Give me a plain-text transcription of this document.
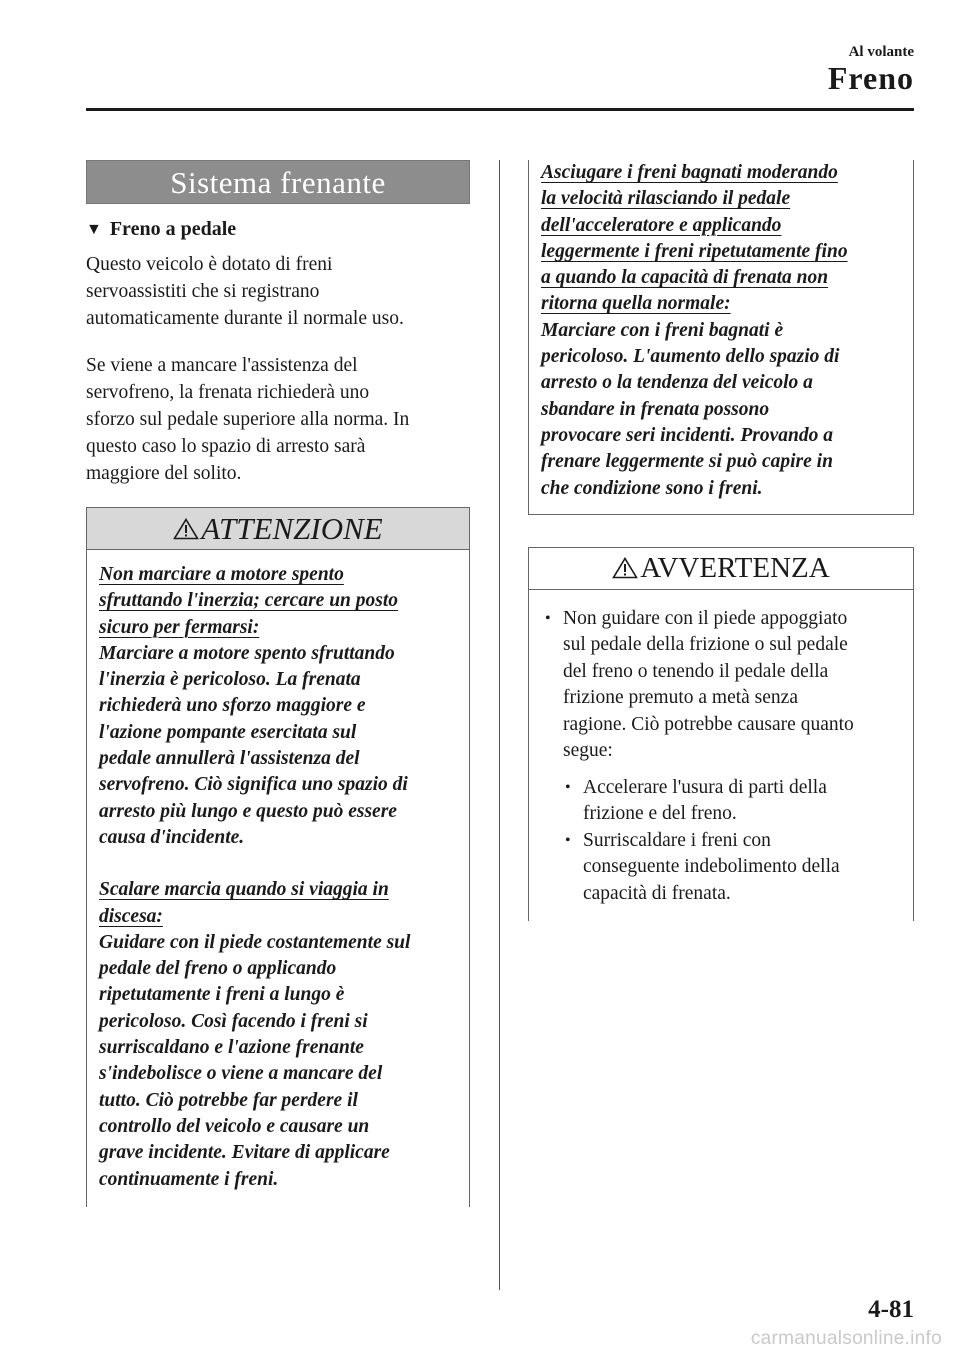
Al volante
Freno
Sistema frenante
▼ Freno a pedale
Questo veicolo è dotato di freni
servoassistiti che si registrano
automaticamente durante il normale uso.
Se viene a mancare l'assistenza del
servofreno, la frenata richiederà uno
sforzo sul pedale superiore alla norma. In
questo caso lo spazio di arresto sarà
maggiore del solito.
ATTENZIONE
Non marciare a motore spento
sfruttando l'inerzia; cercare un posto
sicuro per fermarsi:
Marciare a motore spento sfruttando
l'inerzia è pericoloso. La frenata
richiederà uno sforzo maggiore e
l'azione pompante esercitata sul
pedale annullerà l'assistenza del
servofreno. Ciò significa uno spazio di
arresto più lungo e questo può essere
causa d'incidente.
Scalare marcia quando si viaggia in
discesa:
Guidare con il piede costantemente sul
pedale del freno o applicando
ripetutamente i freni a lungo è
pericoloso. Così facendo i freni si
surriscaldano e l'azione frenante
s'indebolisce o viene a mancare del
tutto. Ciò potrebbe far perdere il
controllo del veicolo e causare un
grave incidente. Evitare di applicare
continuamente i freni.
Asciugare i freni bagnati moderando
la velocità rilasciando il pedale
dell'acceleratore e applicando
leggermente i freni ripetutamente fino
a quando la capacità di frenata non
ritorna quella normale:
Marciare con i freni bagnati è
pericoloso. L'aumento dello spazio di
arresto o la tendenza del veicolo a
sbandare in frenata possono
provocare seri incidenti. Provando a
frenare leggermente si può capire in
che condizione sono i freni.
AVVERTENZA
• Non guidare con il piede appoggiato
sul pedale della frizione o sul pedale
del freno o tenendo il pedale della
frizione premuto a metà senza
ragione. Ciò potrebbe causare quanto
segue:
• Accelerare l'usura di parti della
frizione e del freno.
• Surriscaldare i freni con
conseguente indebolimento della
capacità di frenata.
4-81
carmanualsonline.info
